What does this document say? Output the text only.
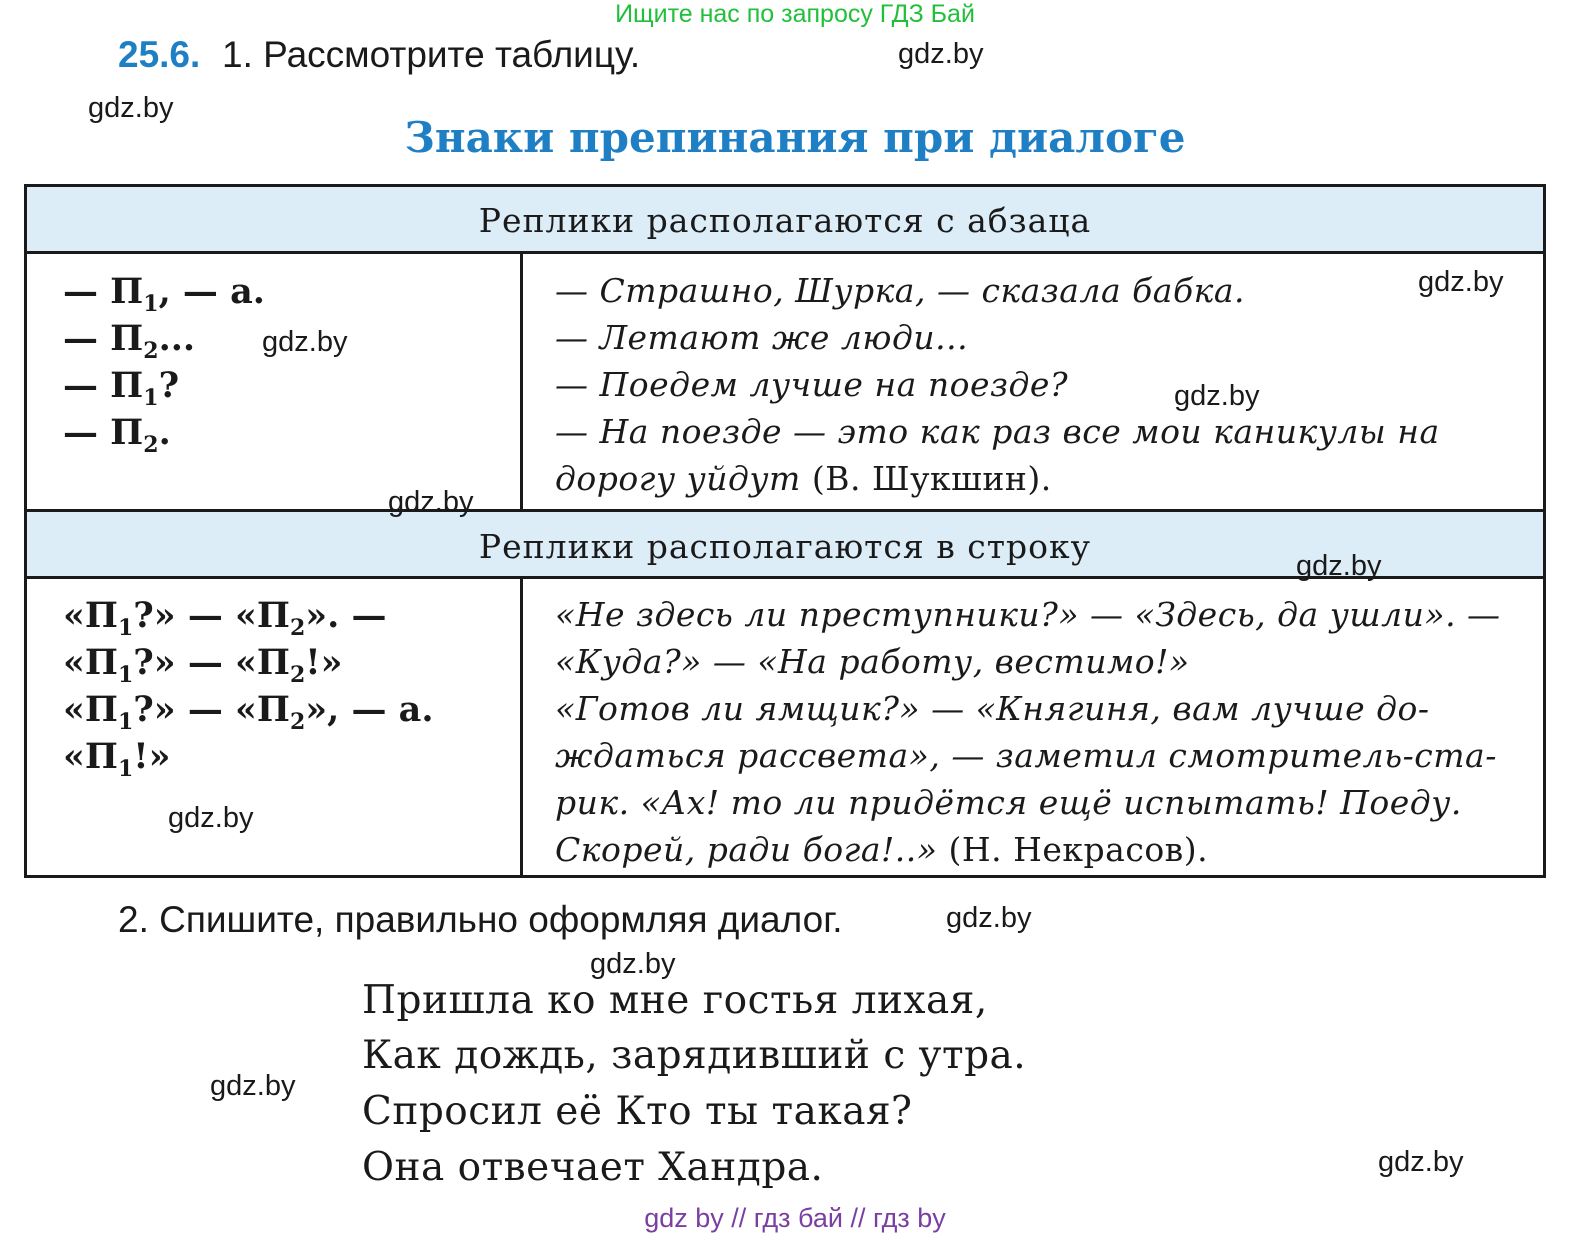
Ищите нас по запросу ГДЗ Бай
25.6. 1. Рассмотрите таблицу.
Знаки препинания при диалоге
Реплики располагаются с абзаца
— $П_1$, — а.
— $П_2$...
— $П_1$?
— $П_2$.
— Страшно, Шурка, — сказала бабка.
— Летают же люди...
— Поедем лучше на поезде?
— На поезде — это как раз все мои каникулы на
дорогу уйдут (В. Шукшин).
Реплики располагаются в строку
«$П_1$?» — «$П_2$». —
«$П_1$?» — «$П_2$!»
«$П_1$?» — «$П_2$», — а.
«$П_1$!»
«Не здесь ли преступники?» — «Здесь, да ушли». —
«Куда?» — «На работу, вестимо!»
«Готов ли ямщик?» — «Княгиня, вам лучше до-
ждаться рассвета», — заметил смотритель-ста-
рик. «Ах! то ли придётся ещё испытать! Поеду.
Скорей, ради бога!..» (Н. Некрасов).
2. Спишите, правильно оформляя диалог.
Пришла ко мне гостья лихая,
Как дождь, зарядивший с утра.
Спросил её Кто ты такая?
Она отвечает Хандра.
gdz.by
gdz.by
gdz.by
gdz.by
gdz.by
gdz.by
gdz.by
gdz.by
gdz.by
gdz.by
gdz.by
gdz.by
gdz by // гдз бай // гдз by
